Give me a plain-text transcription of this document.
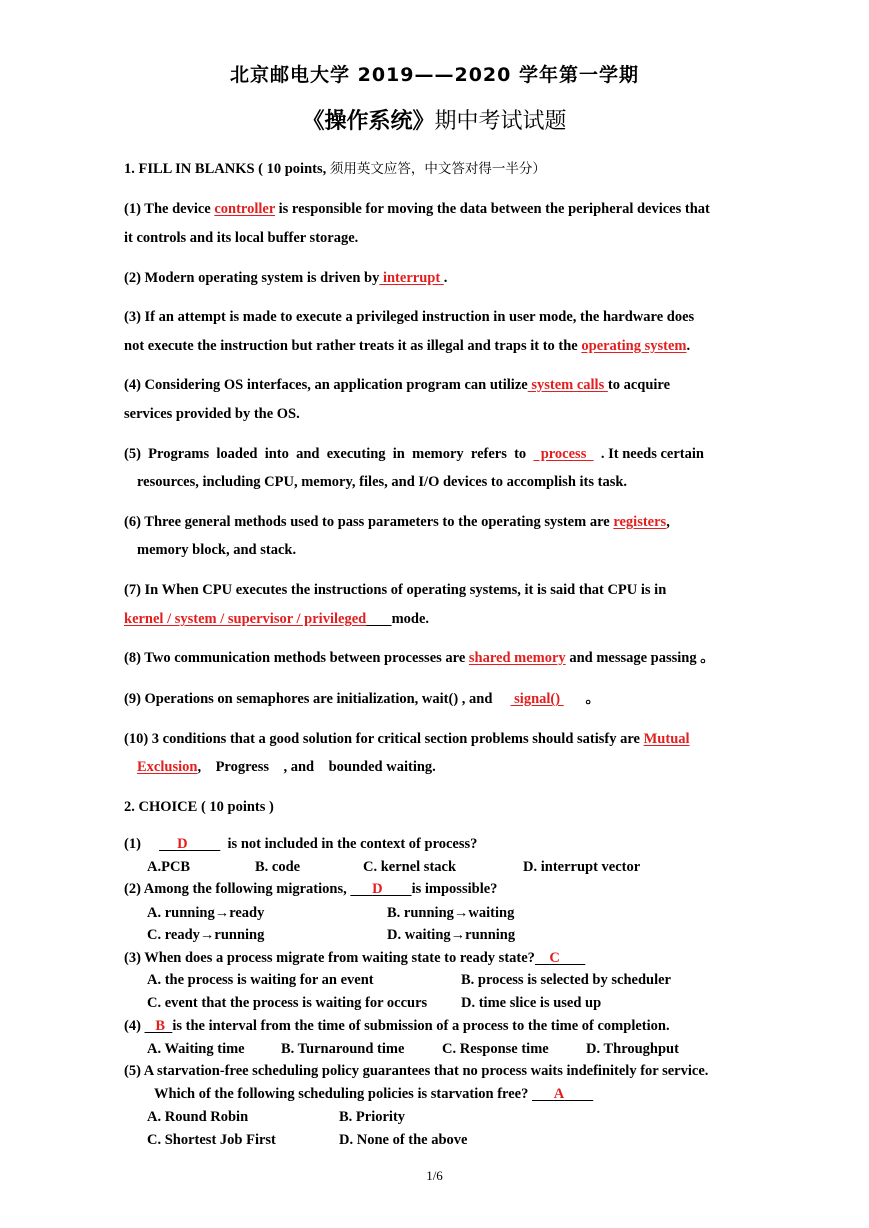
北京邮电大学 2019——2020 学年第一学期
《操作系统》期中考试试题
1. FILL IN BLANKS ( 10 points, 须用英文应答，中文答对得一半分）
(1) The device controller is responsible for moving the data between the peripheral devices that
it controls and its local buffer storage.
(2) Modern operating system is driven by interrupt .
(3) If an attempt is made to execute a privileged instruction in user mode, the hardware does
not execute the instruction but rather treats it as illegal and traps it to the operating system.
(4) Considering OS interfaces, an application program can utilize system calls to acquire
services provided by the OS.
(5)  Programs  loaded  into  and  executing  in  memory  refers  to    process    . It needs certain
resources, including CPU, memory, files, and I/O devices to accomplish its task.
(6) Three general methods used to pass parameters to the operating system are registers,
memory block, and stack.
(7) In When CPU executes the instructions of operating systems, it is said that CPU is in
kernel / system / supervisor / privileged mode.
(8) Two communication methods between processes are shared memory and message passing 。
(9) Operations on semaphores are initialization, wait() , and      signal()       。
(10) 3 conditions that a good solution for critical section problems should satisfy are Mutual
Exclusion,    Progress    , and    bounded waiting.
2. CHOICE ( 10 points )
(1)          D           is not included in the context of process?
A.PCB	B. code	C. kernel stack	D. interrupt vector
(2) Among the following migrations,       D is impossible?
A. running→ready	B. running→waiting
C. ready→running	D. waiting→running
(3) When does a process migrate from waiting state to ready state? C
A. the process is waiting for an event	B. process is selected by scheduler
C. event that the process is waiting for occurs D. time slice is used up
(4)    B is the interval from the time of submission of a process to the time of completion.
A. Waiting time	B. Turnaround time	C. Response time	D. Throughput
(5) A starvation-free scheduling policy guarantees that no process waits indefinitely for service.
Which of the following scheduling policies is starvation free?       A
A. Round Robin	B. Priority
C. Shortest Job First	D. None of the above
1/6
